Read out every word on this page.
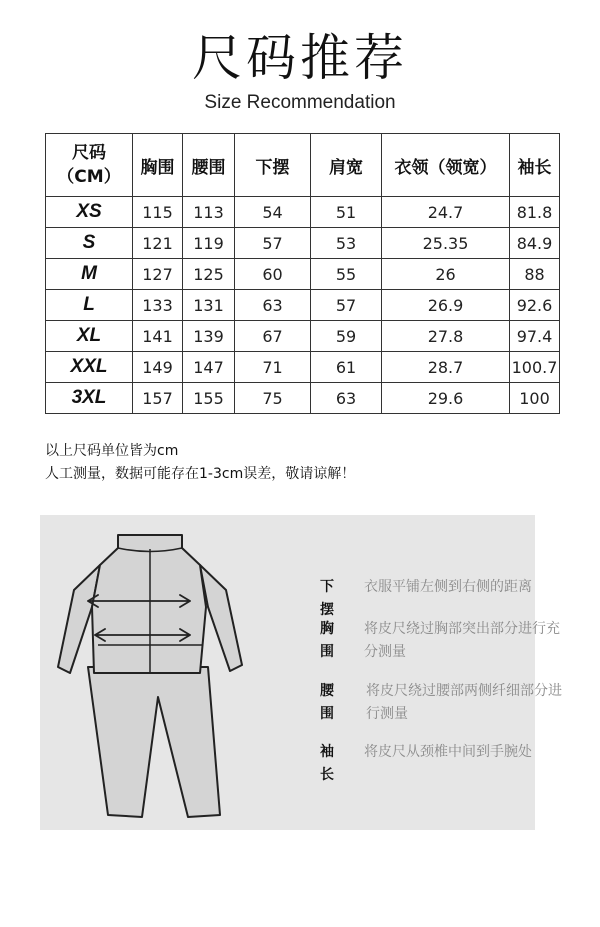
尺码推荐
Size Recommendation
尺码
（CM）	胸围	腰围	下摆	肩宽	衣领（领宽）	袖长
XS	115	113	54	51	24.7	81.8
S	121	119	57	53	25.35	84.9
M	127	125	60	55	26	88
L	133	131	63	57	26.9	92.6
XL	141	139	67	59	27.8	97.4
XXL	149	147	71	61	28.7	100.7
3XL	157	155	75	63	29.6	100
以上尺码单位皆为cm
人工测量，数据可能存在1-3cm误差，敬请谅解！
下摆
衣服平铺左侧到右侧的距离
胸围
将皮尺绕过胸部突出部分进行充分测量
腰围
将皮尺绕过腰部两侧纤细部分进行测量
袖长
将皮尺从颈椎中间到手腕处
